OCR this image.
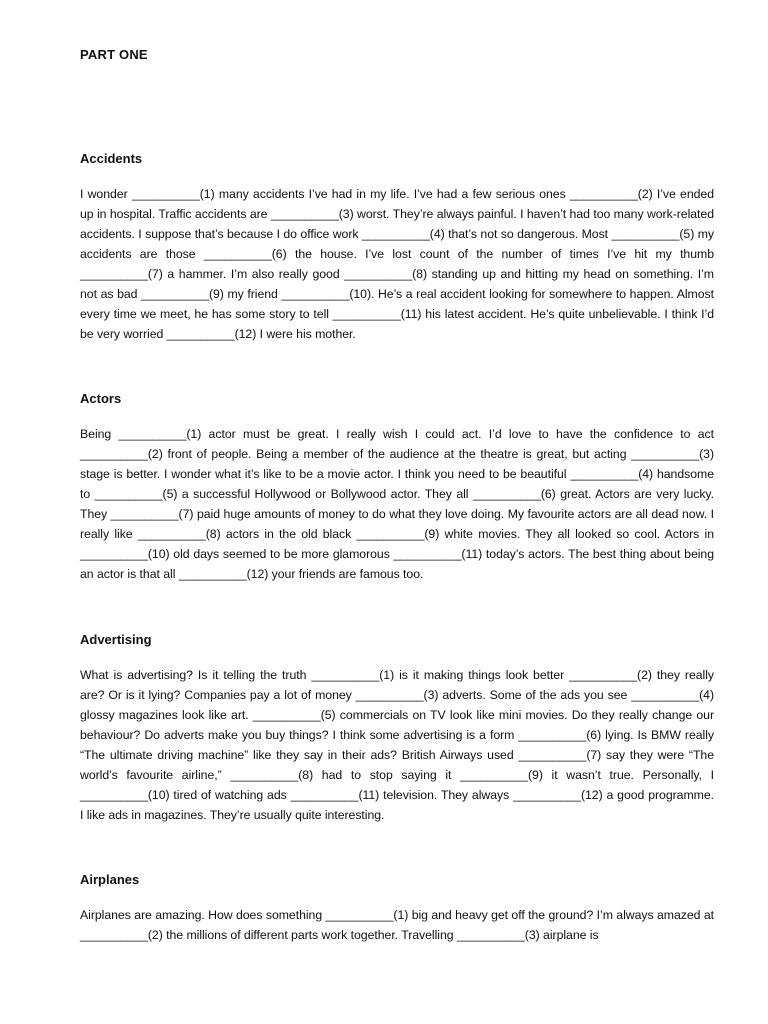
PART ONE
Accidents

I wonder __________(1) many accidents I’ve had in my life. I’ve had a few serious ones __________(2) I’ve ended up in hospital. Traffic accidents are __________(3) worst. They’re always painful. I haven’t had too many work-related accidents. I suppose that’s because I do office work __________(4) that’s not so dangerous. Most __________(5) my accidents are those __________(6) the house. I’ve lost count of the number of times I’ve hit my thumb __________(7) a hammer. I’m also really good __________(8) standing up and hitting my head on something. I’m not as bad __________(9) my friend __________(10). He’s a real accident looking for somewhere to happen. Almost every time we meet, he has some story to tell __________(11) his latest accident. He’s quite unbelievable. I think I’d be very worried __________(12) I were his mother.

Actors

Being __________(1) actor must be great. I really wish I could act. I’d love to have the confidence to act __________(2) front of people. Being a member of the audience at the theatre is great, but acting __________(3) stage is better. I wonder what it’s like to be a movie actor. I think you need to be beautiful __________(4) handsome to __________(5) a successful Hollywood or Bollywood actor. They all __________(6) great. Actors are very lucky. They __________(7) paid huge amounts of money to do what they love doing. My favourite actors are all dead now. I really like __________(8) actors in the old black __________(9) white movies. They all looked so cool. Actors in __________(10) old days seemed to be more glamorous __________(11) today’s actors. The best thing about being an actor is that all __________(12) your friends are famous too.

Advertising

What is advertising? Is it telling the truth __________(1) is it making things look better __________(2) they really are? Or is it lying? Companies pay a lot of money __________(3) adverts. Some of the ads you see __________(4) glossy magazines look like art. __________(5) commercials on TV look like mini movies. Do they really change our behaviour? Do adverts make you buy things? I think some advertising is a form __________(6) lying. Is BMW really “The ultimate driving machine” like they say in their ads? British Airways used __________(7) say they were “The world’s favourite airline,” __________(8) had to stop saying it __________(9) it wasn’t true. Personally, I __________(10) tired of watching ads __________(11) television. They always __________(12) a good programme. I like ads in magazines. They’re usually quite interesting.

Airplanes

Airplanes are amazing. How does something __________(1) big and heavy get off the ground? I’m always amazed at __________(2) the millions of different parts work together. Travelling __________(3) airplane is
